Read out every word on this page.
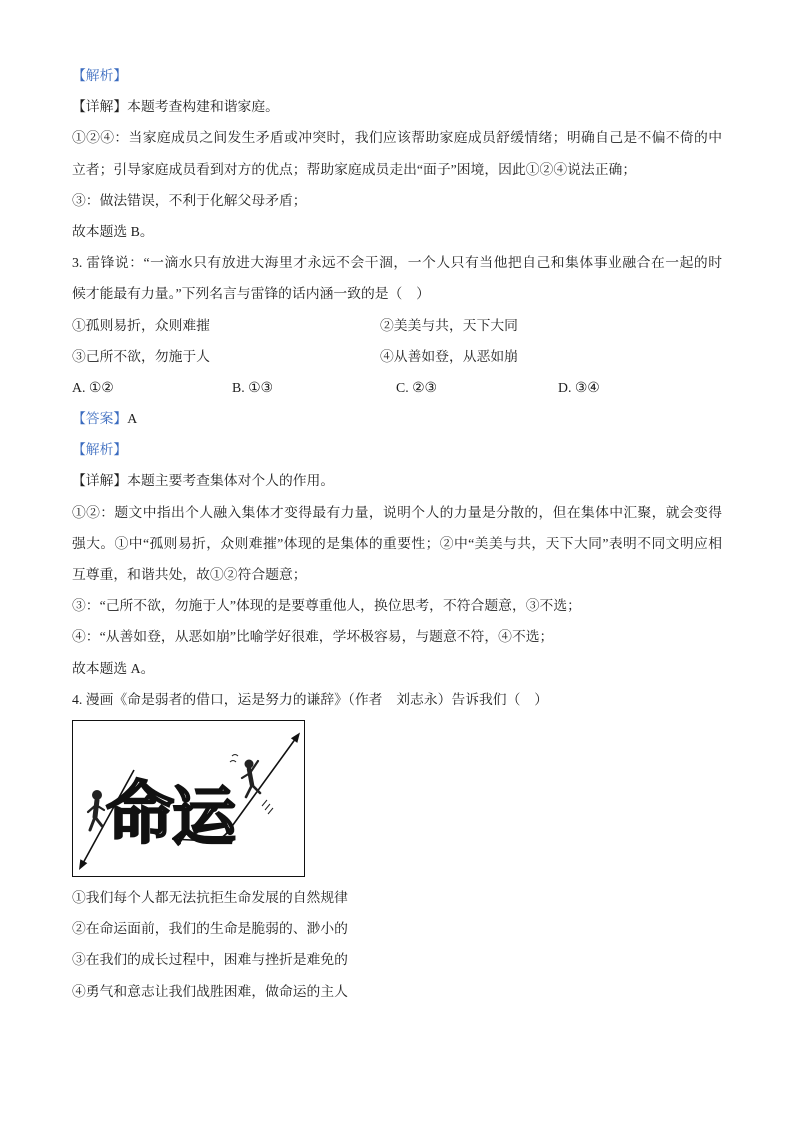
【解析】
【详解】本题考查构建和谐家庭。
①②④：当家庭成员之间发生矛盾或冲突时，我们应该帮助家庭成员舒缓情绪；明确自己是不偏不倚的中
立者；引导家庭成员看到对方的优点；帮助家庭成员走出“面子”困境，因此①②④说法正确；
③：做法错误，不利于化解父母矛盾；
故本题选 B。
3. 雷锋说：“一滴水只有放进大海里才永远不会干涸，一个人只有当他把自己和集体事业融合在一起的时
候才能最有力量。”下列名言与雷锋的话内涵一致的是（　）
①孤则易折，众则难摧	②美美与共，天下大同
③己所不欲，勿施于人	④从善如登，从恶如崩
A. ①②	B. ①③	C. ②③	D. ③④
【答案】A
【解析】
【详解】本题主要考查集体对个人的作用。
①②：题文中指出个人融入集体才变得最有力量，说明个人的力量是分散的，但在集体中汇聚，就会变得
强大。①中“孤则易折，众则难摧”体现的是集体的重要性；②中“美美与共，天下大同”表明不同文明应相
互尊重，和谐共处，故①②符合题意；
③：“己所不欲，勿施于人”体现的是要尊重他人，换位思考，不符合题意，③不选；
④：“从善如登，从恶如崩”比喻学好很难，学坏极容易，与题意不符，④不选；
故本题选 A。
4. 漫画《命是弱者的借口，运是努力的谦辞》（作者　刘志永）告诉我们（　）
命
运
①我们每个人都无法抗拒生命发展的自然规律
②在命运面前，我们的生命是脆弱的、渺小的
③在我们的成长过程中，困难与挫折是难免的
④勇气和意志让我们战胜困难，做命运的主人
